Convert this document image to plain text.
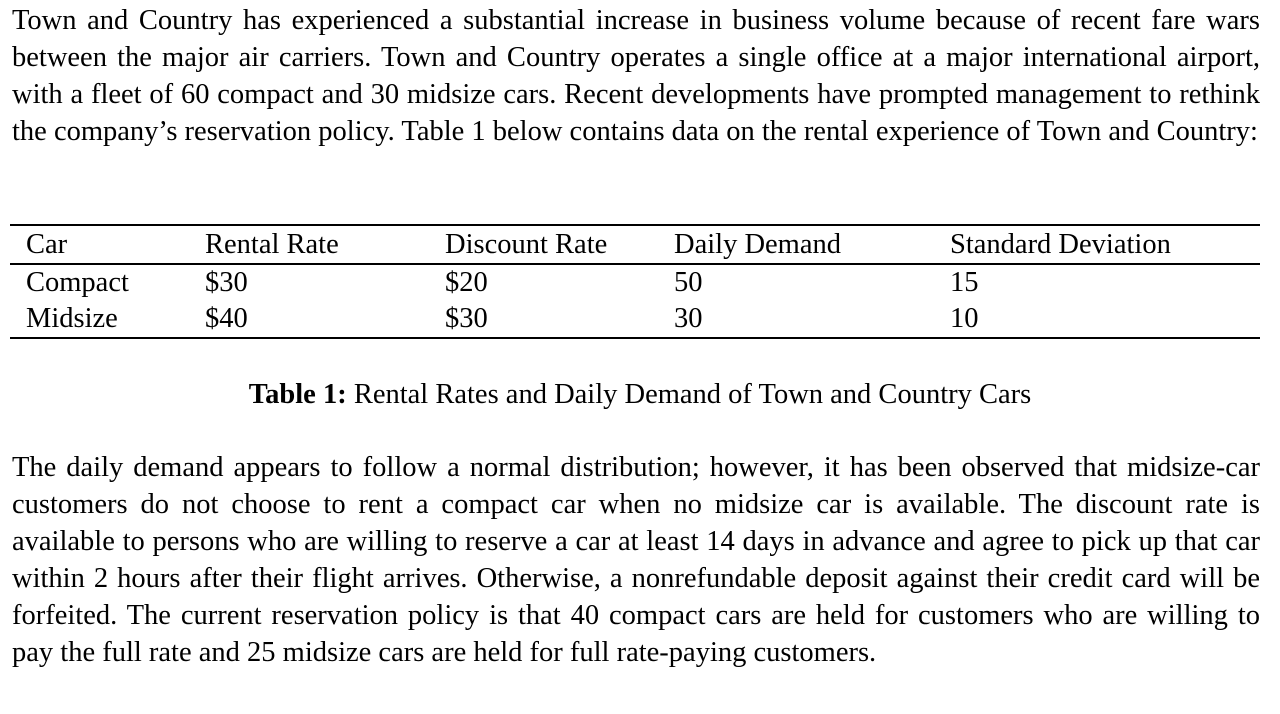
Town and Country has experienced a substantial increase in business volume because of recent fare wars between the major air carriers. Town and Country operates a single office at a major international airport, with a fleet of 60 compact and 30 midsize cars. Recent developments have prompted management to rethink the company’s reservation policy. Table 1 below contains data on the rental experience of Town and Country:

Car	Rental Rate	Discount Rate	Daily Demand	Standard Deviation
Compact	$30	$20	50	15
Midsize	$40	$30	30	10
Table 1: Rental Rates and Daily Demand of Town and Country Cars

The daily demand appears to follow a normal distribution; however, it has been observed that midsize-car customers do not choose to rent a compact car when no midsize car is available. The discount rate is available to persons who are willing to reserve a car at least 14 days in advance and agree to pick up that car within 2 hours after their flight arrives. Otherwise, a nonrefundable deposit against their credit card will be forfeited. The current reservation policy is that 40 compact cars are held for customers who are willing to pay the full rate and 25 midsize cars are held for full rate-paying customers.
